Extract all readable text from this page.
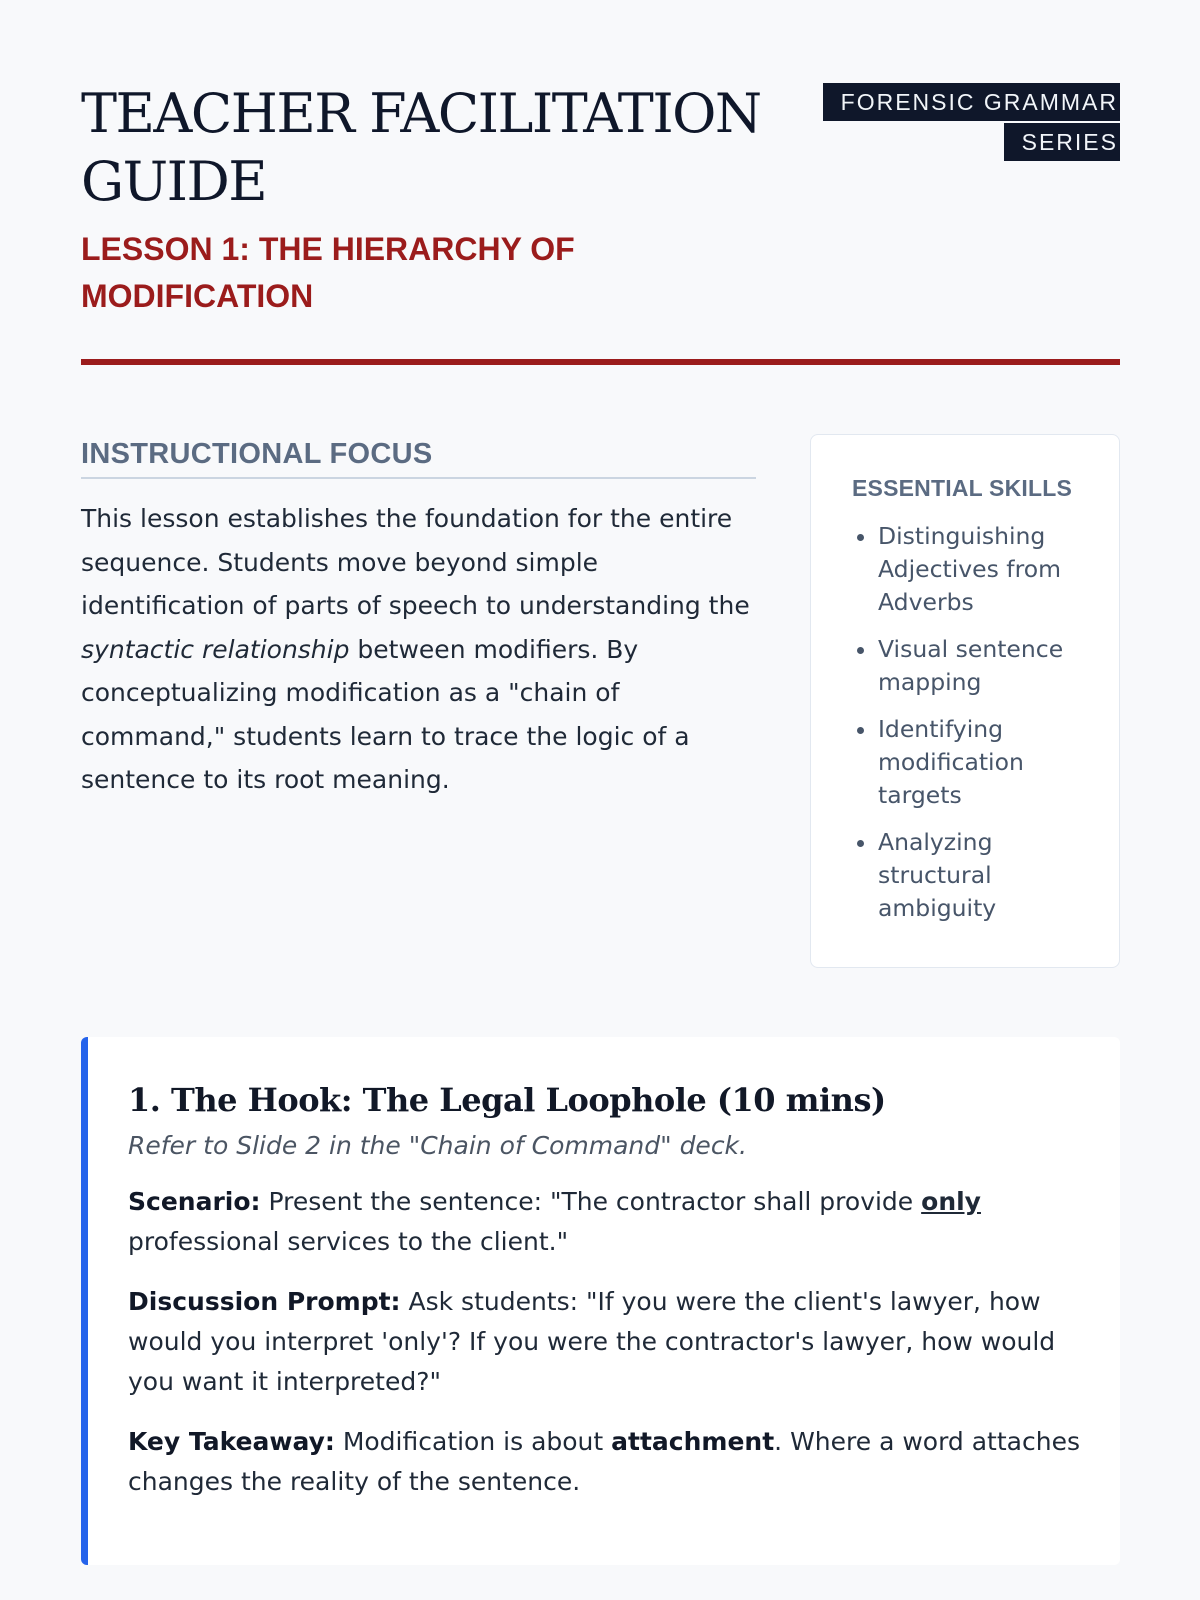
TEACHER FACILITATION GUIDE
LESSON 1: THE HIERARCHY OF MODIFICATION
FORENSIC GRAMMAR SERIES
INSTRUCTIONAL FOCUS

This lesson establishes the foundation for the entire sequence. Students move beyond simple identification of parts of speech to understanding the syntactic relationship between modifiers. By conceptualizing modification as a "chain of command," students learn to trace the logic of a sentence to its root meaning.

ESSENTIAL SKILLS
• Distinguishing Adjectives from Adverbs
• Visual sentence mapping
• Identifying modification targets
• Analyzing structural ambiguity
1. The Hook: The Legal Loophole (10 mins)
Refer to Slide 2 in the "Chain of Command" deck.

Scenario: Present the sentence: "The contractor shall provide only professional services to the client."

Discussion Prompt: Ask students: "If you were the client's lawyer, how would you interpret 'only'? If you were the contractor's lawyer, how would you want it interpreted?"

Key Takeaway: Modification is about attachment. Where a word attaches changes the reality of the sentence.
